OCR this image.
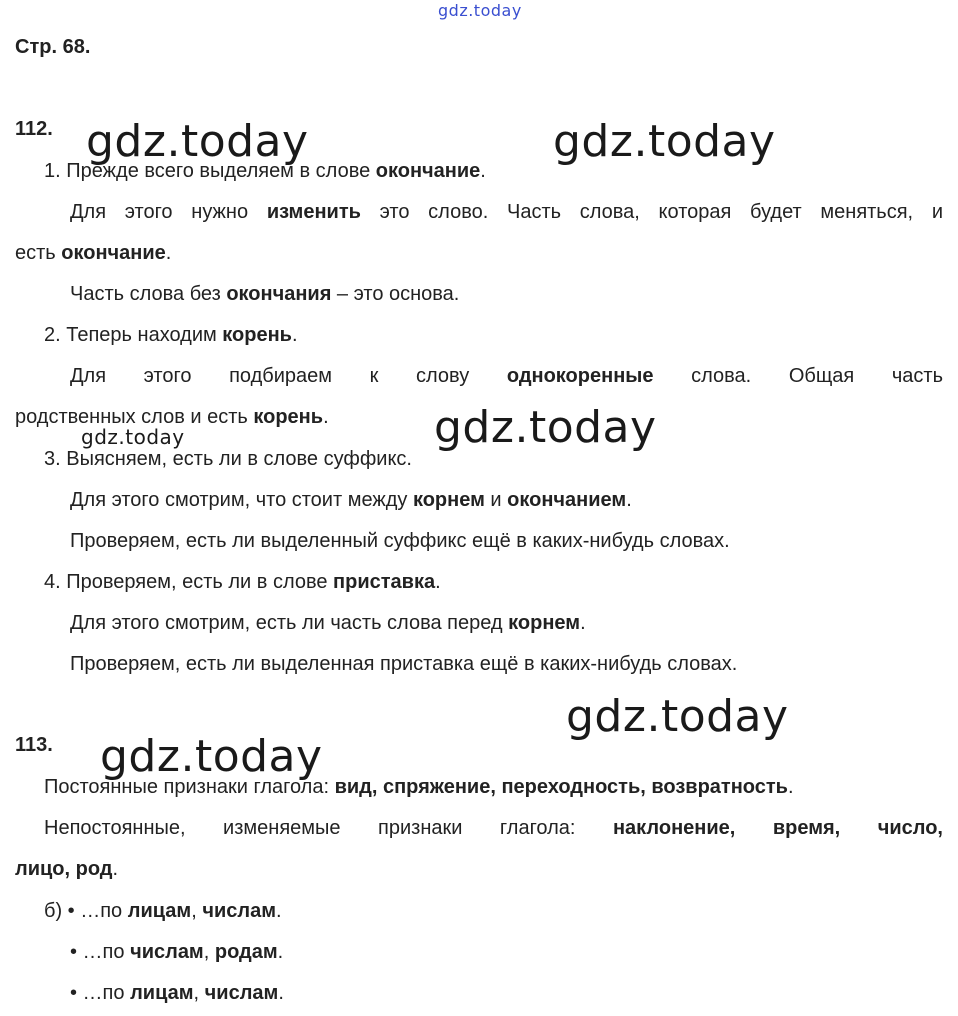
gdz.today
gdz.today	gdz.today
gdz.today	gdz.today
gdz.today
gdz.today
Стр. 68.
112.
1. Прежде всего выделяем в слове окончание.
Для этого нужно изменить это слово. Часть слова, которая будет меняться, и
есть окончание.
Часть слова без окончания – это основа.
2. Теперь находим корень.
Для этого подбираем к слову однокоренные слова. Общая часть
родственных слов и есть корень.
3. Выясняем, есть ли в слове суффикс.
Для этого смотрим, что стоит между корнем и окончанием.
Проверяем, есть ли выделенный суффикс ещё в каких-нибудь словах.
4. Проверяем, есть ли в слове приставка.
Для этого смотрим, есть ли часть слова перед корнем.
Проверяем, есть ли выделенная приставка ещё в каких-нибудь словах.
113.
Постоянные признаки глагола: вид, спряжение, переходность, возвратность.
Непостоянные, изменяемые признаки глагола: наклонение, время, число,
лицо, род.
б) • …по лицам, числам.
• …по числам, родам.
• …по лицам, числам.
